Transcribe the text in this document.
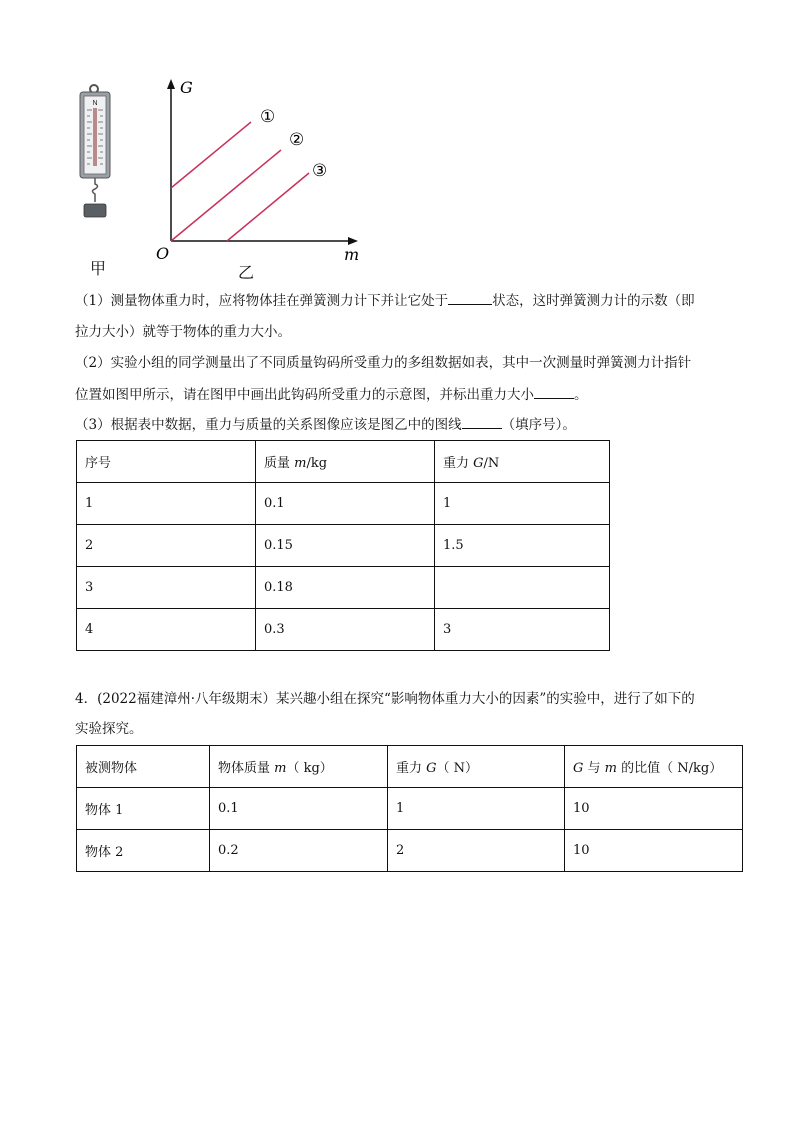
N
甲
G
m
O
①
②
③
乙
（1）测量物体重力时，应将物体挂在弹簧测力计下并让它处于	状态，这时弹簧测力计的示数（即
拉力大小）就等于物体的重力大小。
（2）实验小组的同学测量出了不同质量钩码所受重力的多组数据如表，其中一次测量时弹簧测力计指针
位置如图甲所示，请在图甲中画出此钩码所受重力的示意图，并标出重力大小	。
（3）根据表中数据，重力与质量的关系图像应该是图乙中的图线	（填序号）。
序号	质量 m/kg	重力 G/N
1	0.1	1
2	0.15	1.5
3	0.18	
4	0.3	3
4．(2022福建漳州·八年级期末）某兴趣小组在探究“影响物体重力大小的因素”的实验中，进行了如下的
实验探究。
被测物体	物体质量 m（ kg）	重力 G（ N）	G 与 m 的比值（ N/kg）
物体 1	0.1	1	10
物体 2	0.2	2	10
